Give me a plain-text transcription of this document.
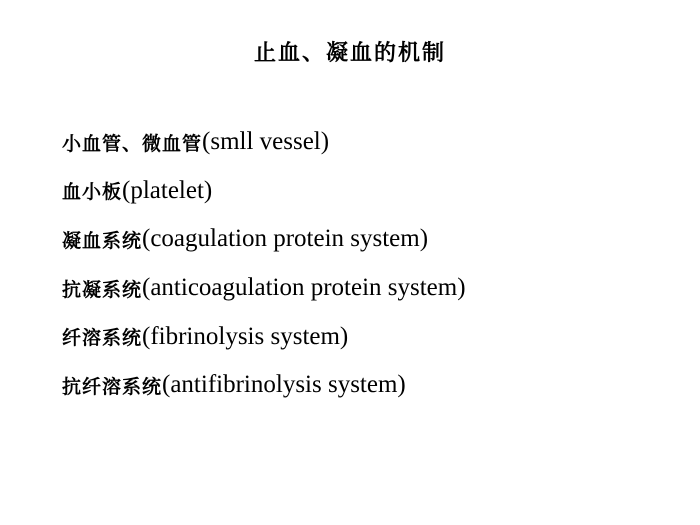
止血、凝血的机制
小血管、微血管 (smll vessel)
血小板 (platelet)
凝血系统 (coagulation protein system)
抗凝系统 (anticoagulation protein system)
纤溶系统 (fibrinolysis system)
抗纤溶系统 (antifibrinolysis system)
